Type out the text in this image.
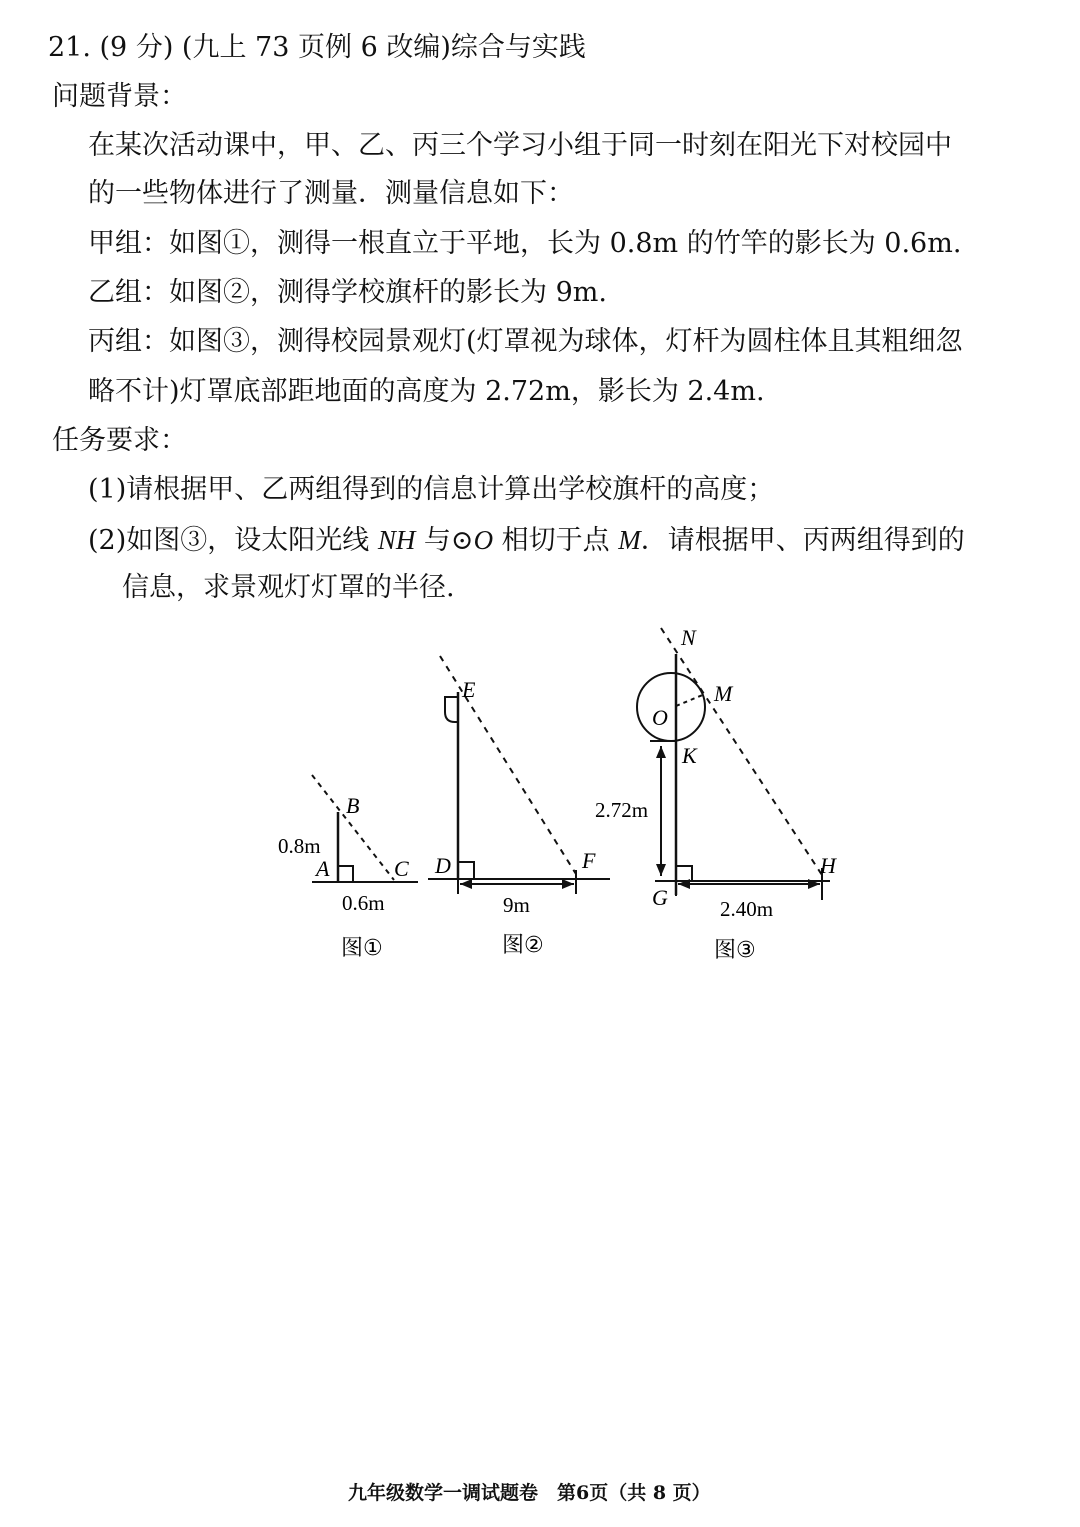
21. (9 分) (九上 73 页例 6 改编)综合与实践
问题背景：
在某次活动课中，甲、乙、丙三个学习小组于同一时刻在阳光下对校园中
的一些物体进行了测量．测量信息如下：
甲组：如图①，测得一根直立于平地，长为 0.8m 的竹竿的影长为 0.6m.
乙组：如图②，测得学校旗杆的影长为 9m.
丙组：如图③，测得校园景观灯(灯罩视为球体，灯杆为圆柱体且其粗细忽
略不计)灯罩底部距地面的高度为 2.72m，影长为 2.4m.
任务要求：
(1)请根据甲、乙两组得到的信息计算出学校旗杆的高度；
(2)如图③，设太阳光线 NH 与⊙O 相切于点 M．请根据甲、丙两组得到的
信息，求景观灯灯罩的半径.
B
A	C
0.8m
0.6m
图①
E
D	F
9m
图②
N
M
O
K
G
H
2.72m
2.40m
图③
九年级数学一调试题卷　第6页（共 8 页）
